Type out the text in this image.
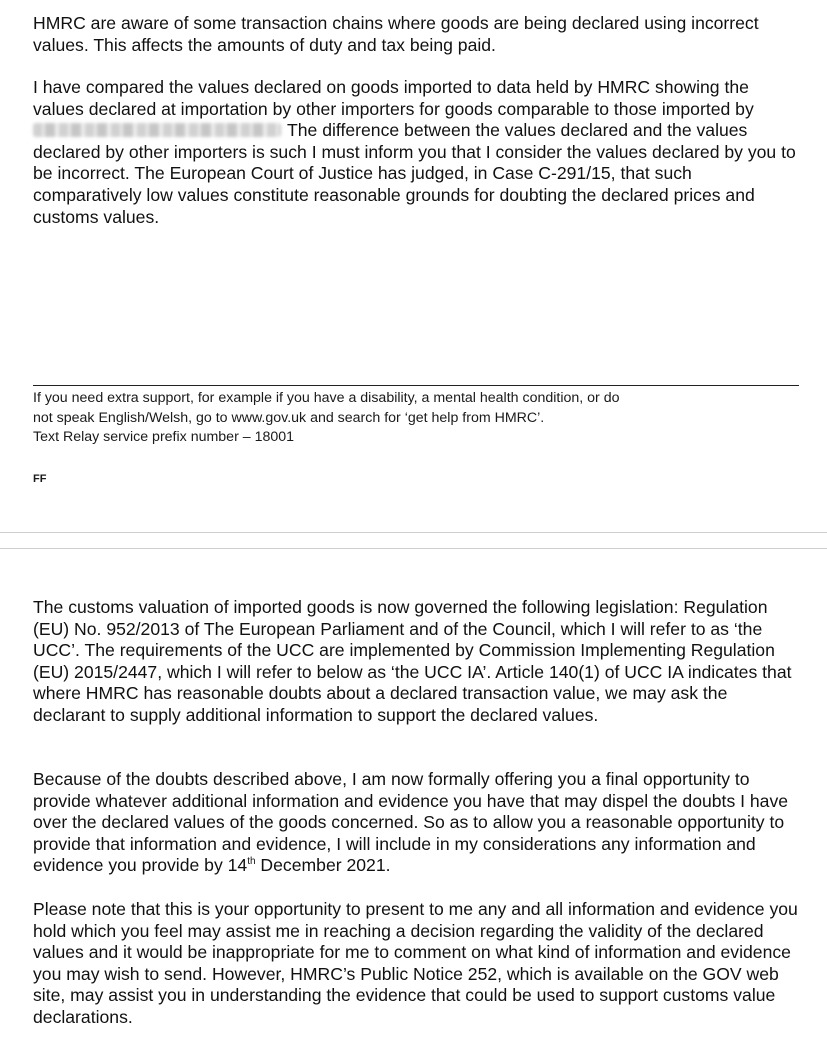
HMRC are aware of some transaction chains where goods are being declared using incorrect values. This affects the amounts of duty and tax being paid.

I have compared the values declared on goods imported to data held by HMRC showing the values declared at importation by other importers for goods comparable to those imported by The difference between the values declared and the values declared by other importers is such I must inform you that I consider the values declared by you to be incorrect. The European Court of Justice has judged, in Case C-291/15, that such comparatively low values constitute reasonable grounds for doubting the declared prices and customs values.

If you need extra support, for example if you have a disability, a mental health condition, or do
not speak English/Welsh, go to www.gov.uk and search for ‘get help from HMRC’.
Text Relay service prefix number – 18001
FF

The customs valuation of imported goods is now governed the following legislation: Regulation (EU) No. 952/2013 of The European Parliament and of the Council, which I will refer to as ‘the UCC’. The requirements of the UCC are implemented by Commission Implementing Regulation (EU) 2015/2447, which I will refer to below as ‘the UCC IA’. Article 140(1) of UCC IA indicates that where HMRC has reasonable doubts about a declared transaction value, we may ask the declarant to supply additional information to support the declared values.

Because of the doubts described above, I am now formally offering you a final opportunity to provide whatever additional information and evidence you have that may dispel the doubts I have over the declared values of the goods concerned. So as to allow you a reasonable opportunity to provide that information and evidence, I will include in my considerations any information and evidence you provide by 14th December 2021.

Please note that this is your opportunity to present to me any and all information and evidence you hold which you feel may assist me in reaching a decision regarding the validity of the declared values and it would be inappropriate for me to comment on what kind of information and evidence you may wish to send. However, HMRC’s Public Notice 252, which is available on the GOV web site, may assist you in understanding the evidence that could be used to support customs value declarations.
